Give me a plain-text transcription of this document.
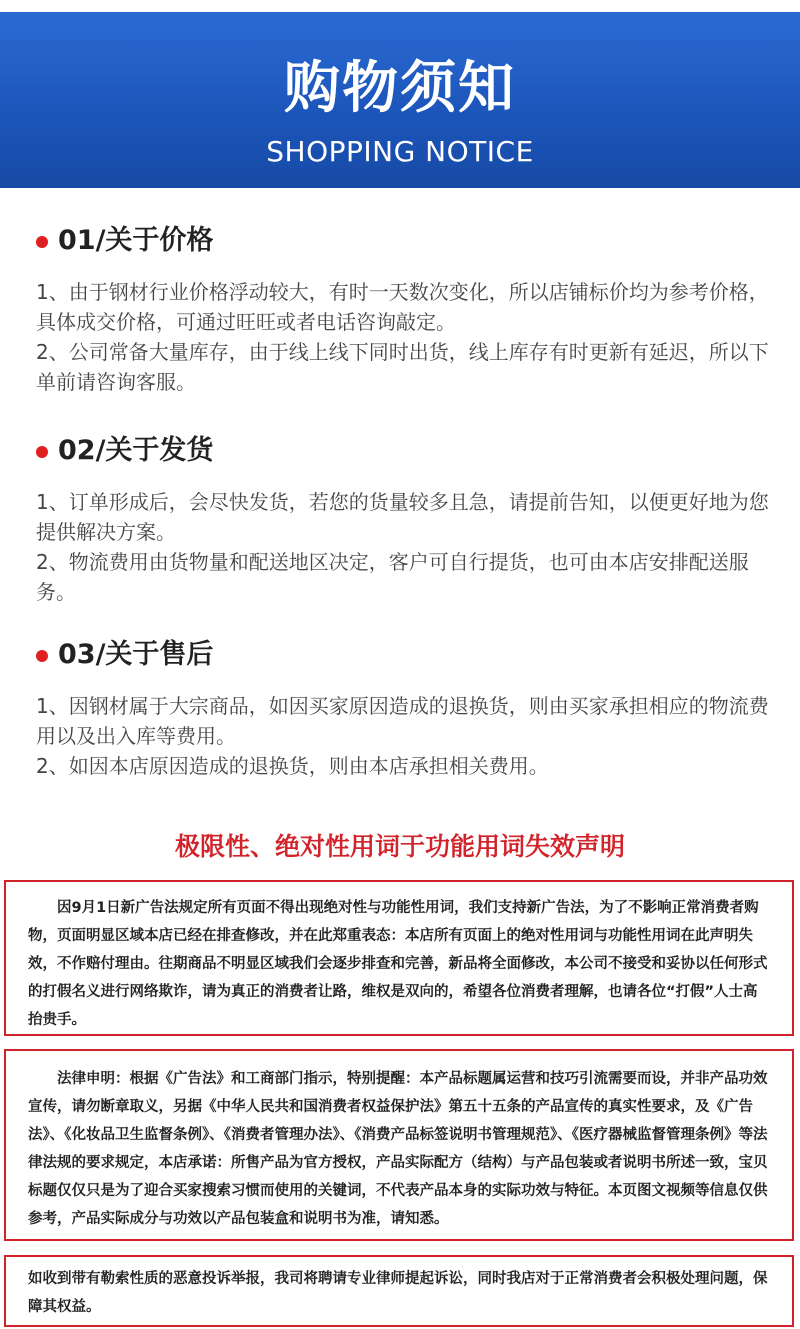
购物须知
SHOPPING NOTICE
01/关于价格

1、由于钢材行业价格浮动较大，有时一天数次变化，所以店铺标价均为参考价格，具体成交价格，可通过旺旺或者电话咨询敲定。

2、公司常备大量库存，由于线上线下同时出货，线上库存有时更新有延迟，所以下单前请咨询客服。

02/关于发货

1、订单形成后，会尽快发货，若您的货量较多且急，请提前告知，以便更好地为您提供解决方案。

2、物流费用由货物量和配送地区决定，客户可自行提货，也可由本店安排配送服务。

03/关于售后

1、因钢材属于大宗商品，如因买家原因造成的退换货，则由买家承担相应的物流费用以及出入库等费用。

2、如因本店原因造成的退换货，则由本店承担相关费用。

极限性、绝对性用词于功能用词失效声明

因9月1日新广告法规定所有页面不得出现绝对性与功能性用词，我们支持新广告法，为了不影响正常消费者购物，页面明显区域本店已经在排查修改，并在此郑重表态：本店所有页面上的绝对性用词与功能性用词在此声明失效，不作赔付理由。往期商品不明显区域我们会逐步排查和完善，新品将全面修改，本公司不接受和妥协以任何形式的打假名义进行网络欺诈，请为真正的消费者让路，维权是双向的，希望各位消费者理解，也请各位“打假”人士高抬贵手。

法律申明：根据《广告法》和工商部门指示，特别提醒：本产品标题属运营和技巧引流需要而设，并非产品功效宣传，请勿断章取义，另据《中华人民共和国消费者权益保护法》第五十五条的产品宣传的真实性要求，及《广告法》、《化妆品卫生监督条例》、《消费者管理办法》、《消费产品标签说明书管理规范》、《医疗器械监督管理条例》等法律法规的要求规定，本店承诺：所售产品为官方授权，产品实际配方（结构）与产品包装或者说明书所述一致，宝贝标题仅仅只是为了迎合买家搜索习惯而使用的关键词，不代表产品本身的实际功效与特征。本页图文视频等信息仅供参考，产品实际成分与功效以产品包装盒和说明书为准，请知悉。

如收到带有勒索性质的恶意投诉举报，我司将聘请专业律师提起诉讼，同时我店对于正常消费者会积极处理问题，保障其权益。
